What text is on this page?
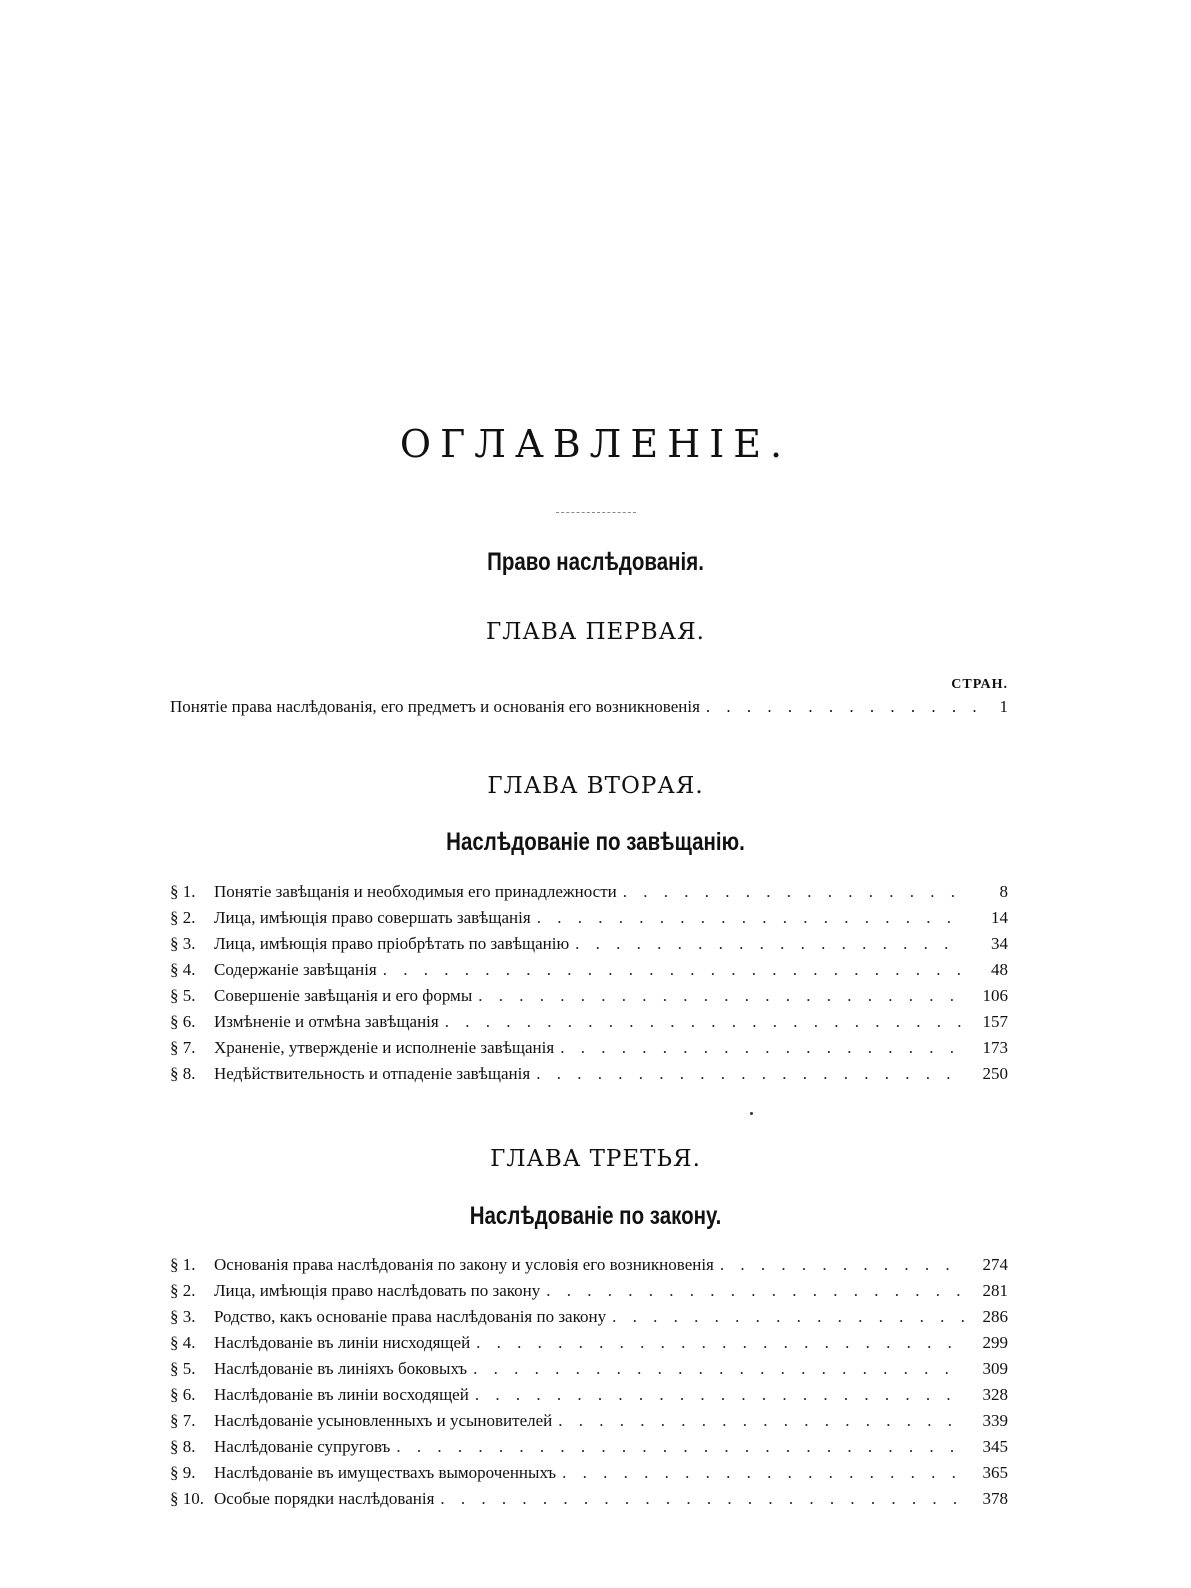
ОГЛАВЛЕНІЕ.
Право наслѣдованія.
ГЛАВА ПЕРВАЯ.
СТРАН.
Понятіе права наслѣдованія, его предметъ и основанія его возникновенія . . .	1
ГЛАВА ВТОРАЯ.
Наслѣдованіе по завѣщанію.
§ 1.	Понятіе завѣщанія и необходимыя его принадлежности . . .	8
§ 2.	Лица, имѣющія право совершать завѣщанія . . .	14
§ 3.	Лица, имѣющія право пріобрѣтать по завѣщанію . . .	34
§ 4.	Содержаніе завѣщанія . . .	48
§ 5.	Совершеніе завѣщанія и его формы . . .	106
§ 6.	Измѣненіе и отмѣна завѣщанія . . .	157
§ 7.	Храненіе, утвержденіе и исполненіе завѣщанія . . .	173
§ 8.	Недѣйствительность и отпаденіе завѣщанія . . .	250
ГЛАВА ТРЕТЬЯ.
Наслѣдованіе по закону.
§ 1.	Основанія права наслѣдованія по закону и условія его возникновенія . . .	274
§ 2.	Лица, имѣющія право наслѣдовать по закону . . .	281
§ 3.	Родство, какъ основаніе права наслѣдованія по закону . . .	286
§ 4.	Наслѣдованіе въ линіи нисходящей . . .	299
§ 5.	Наслѣдованіе въ линіяхъ боковыхъ . . .	309
§ 6.	Наслѣдованіе въ линіи восходящей . . .	328
§ 7.	Наслѣдованіе усыновленныхъ и усыновителей . . .	339
§ 8.	Наслѣдованіе супруговъ . . .	345
§ 9.	Наслѣдованіе въ имуществахъ вымороченныхъ . . .	365
§ 10. Особые порядки наслѣдованія . . .	378
